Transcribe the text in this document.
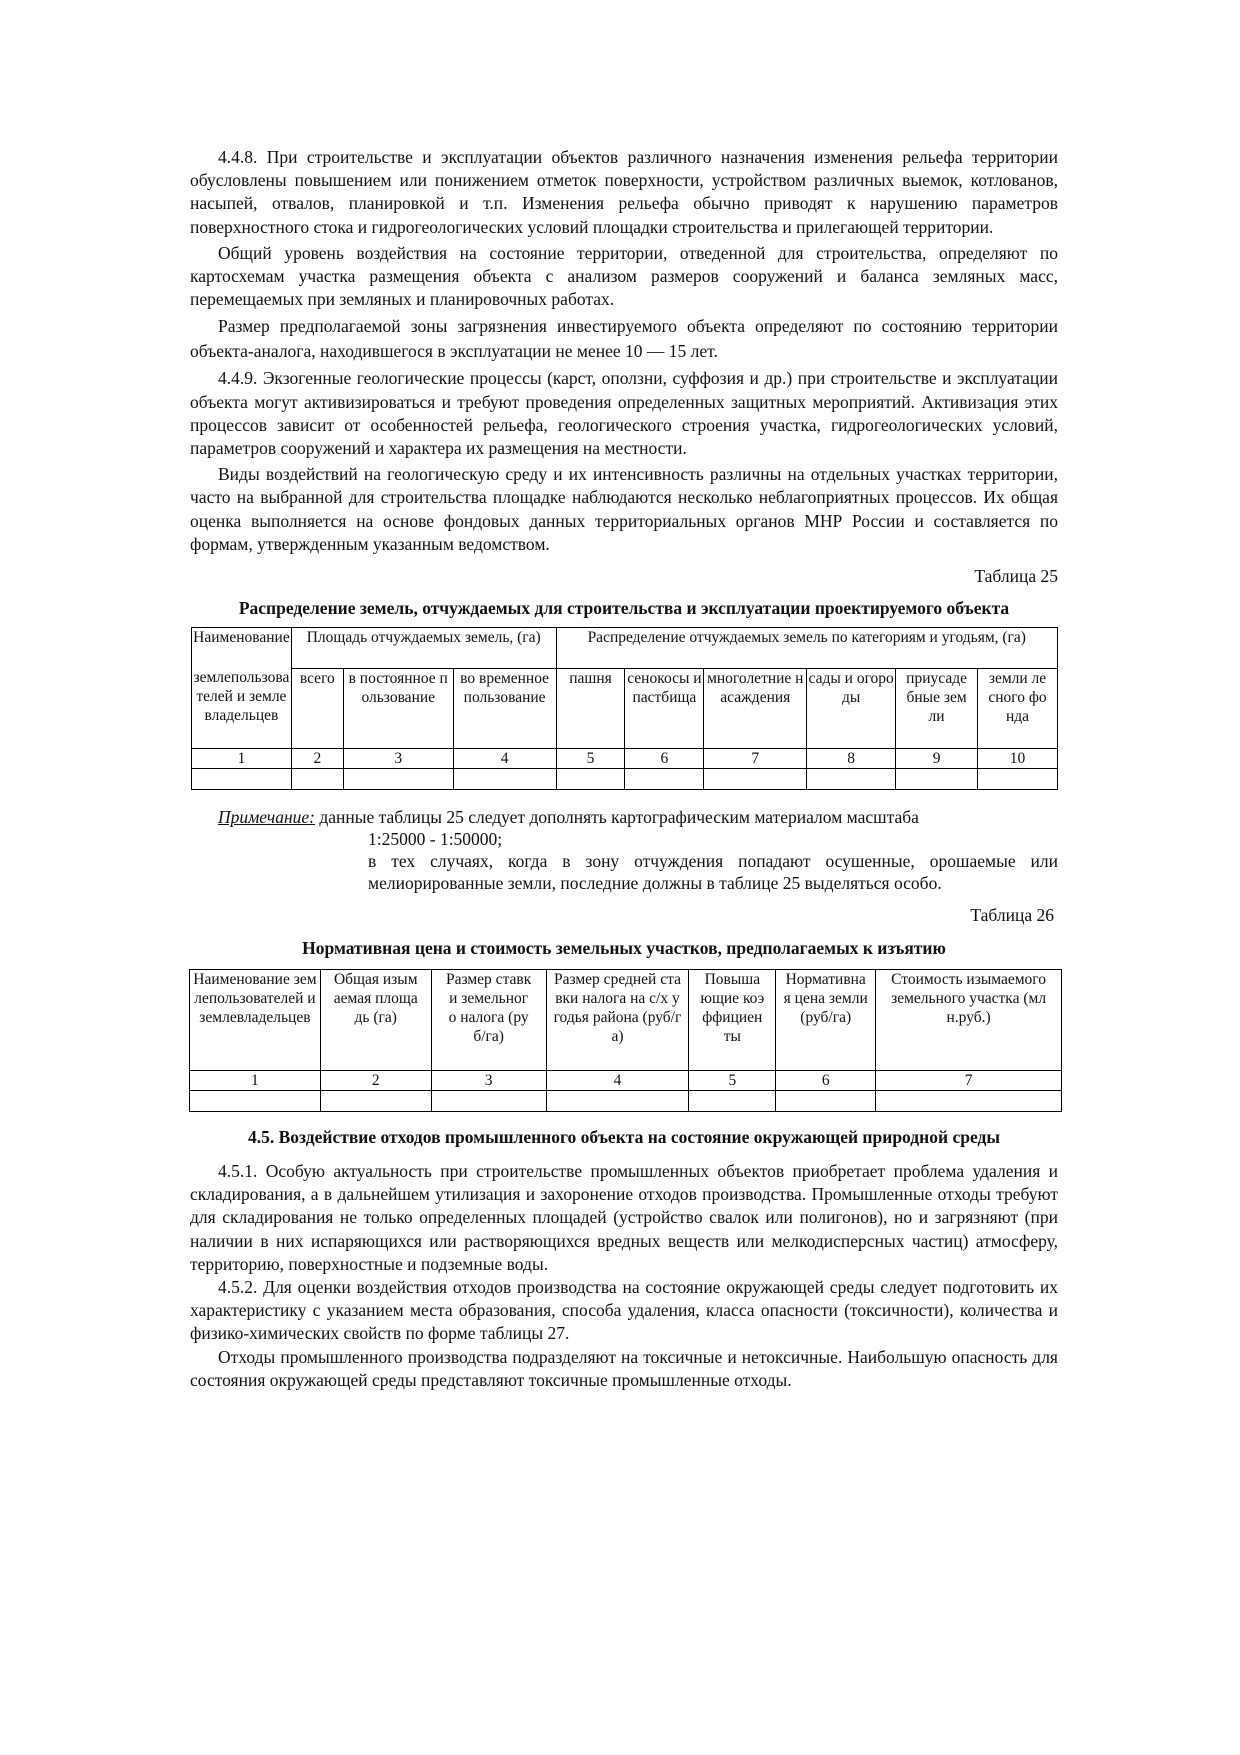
4.4.8. При строительстве и эксплуатации объектов различного назначения изменения рельефа территории обусловлены повышением или понижением отметок поверхности, устройством различных выемок, котлованов, насыпей, отвалов, планировкой и т.п. Изменения рельефа обычно приводят к нарушению параметров поверхностного стока и гидрогеологических условий площадки строительства и прилегающей территории.

Общий уровень воздействия на состояние территории, отведенной для строительства, определяют по картосхемам участка размещения объекта с анализом размеров сооружений и баланса земляных масс, перемещаемых при земляных и планировочных работах.

Размер предполагаемой зоны загрязнения инвестируемого объекта определяют по состоянию территории объекта-аналога, находившегося в эксплуатации не менее 10 — 15 лет.

4.4.9. Экзогенные геологические процессы (карст, оползни, суффозия и др.) при строительстве и эксплуатации объекта могут активизироваться и требуют проведения определенных защитных мероприятий. Активизация этих процессов зависит от особенностей рельефа, геологического строения участка, гидрогеологических условий, параметров сооружений и характера их размещения на местности.

Виды воздействий на геологическую среду и их интенсивность различны на отдельных участках территории, часто на выбранной для строительства площадке наблюдаются несколько неблагоприятных процессов. Их общая оценка выполняется на основе фондовых данных территориальных органов МНР России и составляется по формам, утвержденным указанным ведомством.

Таблица 25

Распределение земель, отчуждаемых для строительства и эксплуатации проектируемого объекта

Наименование	Площадь отчуждаемых земель, (га)			Распределение отчуждаемых земель по категориям и угодьям, (га)					
землепользователей и землевладельцев	всего	в постоянное пользование	во временное пользование	пашня	сенокосы и пастбища	многолетние насаждения	сады и огороды	приусадебные земли	земли лесного фонда
1	2	3	4	5	6	7	8	9	10

Примечание: данные таблицы 25 следует дополнять картографическим материалом масштаба
1:25000 - 1:50000;
в тех случаях, когда в зону отчуждения попадают осушенные, орошаемые или мелиорированные земли, последние должны в таблице 25 выделяться особо.

Таблица 26

Нормативная цена и стоимость земельных участков, предполагаемых к изъятию

Наименование землепользователей и землевладельцев	Общая изымаемая площадь (га)	Размер ставки земельного налога (руб/га)	Размер средней ставки налога на с/х угодья района (руб/га)	Повышающие коэффициенты	Нормативная цена земли (руб/га)	Стоимость изымаемого земельного участка (млн.руб.)
1	2	3	4	5	6	7

4.5. Воздействие отходов промышленного объекта на состояние окружающей природной среды

4.5.1. Особую актуальность при строительстве промышленных объектов приобретает проблема удаления и складирования, а в дальнейшем утилизация и захоронение отходов производства. Промышленные отходы требуют для складирования не только определенных площадей (устройство свалок или полигонов), но и загрязняют (при наличии в них испаряющихся или растворяющихся вредных веществ или мелкодисперсных частиц) атмосферу, территорию, поверхностные и подземные воды.

4.5.2. Для оценки воздействия отходов производства на состояние окружающей среды следует подготовить их характеристику с указанием места образования, способа удаления, класса опасности (токсичности), количества и физико-химических свойств по форме таблицы 27.

Отходы промышленного производства подразделяют на токсичные и нетоксичные. Наибольшую опасность для состояния окружающей среды представляют токсичные промышленные отходы.
